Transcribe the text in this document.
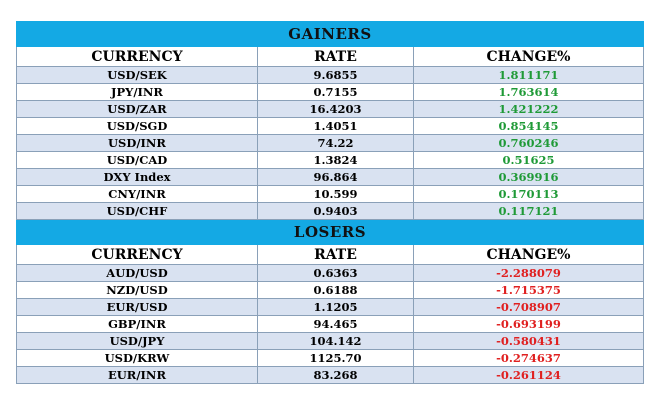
GAINERS		
CURRENCY	RATE	CHANGE%
USD/SEK	9.6855	1.811171
JPY/INR	0.7155	1.763614
USD/ZAR	16.4203	1.421222
USD/SGD	1.4051	0.854145
USD/INR	74.22	0.760246
USD/CAD	1.3824	0.51625
DXY Index	96.864	0.369916
CNY/INR	10.599	0.170113
USD/CHF	0.9403	0.117121
LOSERS		
CURRENCY	RATE	CHANGE%
AUD/USD	0.6363	-2.288079
NZD/USD	0.6188	-1.715375
EUR/USD	1.1205	-0.708907
GBP/INR	94.465	-0.693199
USD/JPY	104.142	-0.580431
USD/KRW	1125.70	-0.274637
EUR/INR	83.268	-0.261124
